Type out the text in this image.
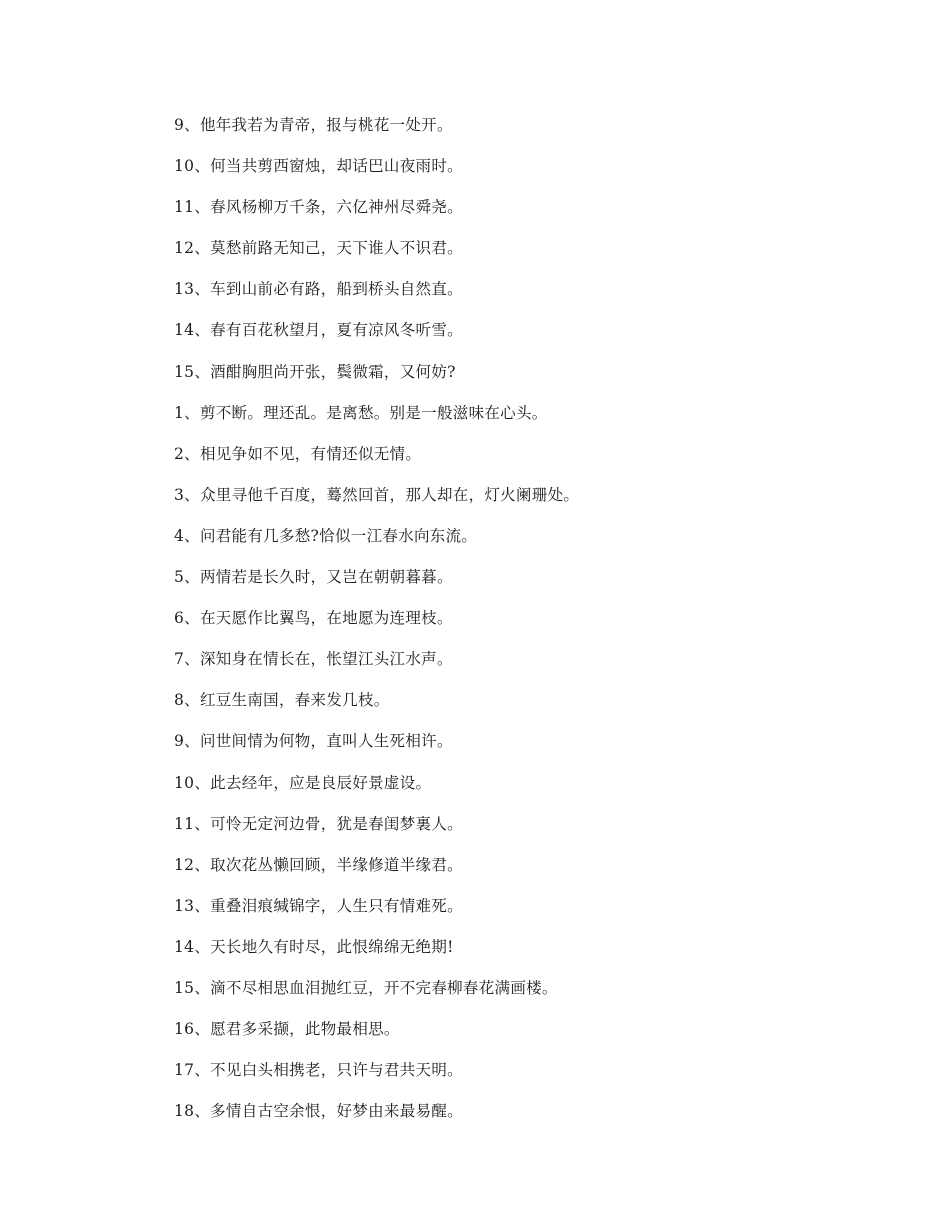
9、他年我若为青帝，报与桃花一处开。
10、何当共剪西窗烛，却话巴山夜雨时。
11、春风杨柳万千条，六亿神州尽舜尧。
12、莫愁前路无知己，天下谁人不识君。
13、车到山前必有路，船到桥头自然直。
14、春有百花秋望月，夏有凉风冬听雪。
15、酒酣胸胆尚开张，鬓微霜，又何妨?
1、剪不断。理还乱。是离愁。别是一般滋味在心头。
2、相见争如不见，有情还似无情。
3、众里寻他千百度，蓦然回首，那人却在，灯火阑珊处。
4、问君能有几多愁?恰似一江春水向东流。
5、两情若是长久时，又岂在朝朝暮暮。
6、在天愿作比翼鸟，在地愿为连理枝。
7、深知身在情长在，怅望江头江水声。
8、红豆生南国，春来发几枝。
9、问世间情为何物，直叫人生死相许。
10、此去经年，应是良辰好景虚设。
11、可怜无定河边骨，犹是春闺梦裏人。
12、取次花丛懒回顾，半缘修道半缘君。
13、重叠泪痕缄锦字，人生只有情难死。
14、天长地久有时尽，此恨绵绵无绝期!
15、滴不尽相思血泪抛红豆，开不完春柳春花满画楼。
16、愿君多采撷，此物最相思。
17、不见白头相携老，只许与君共天明。
18、多情自古空余恨，好梦由来最易醒。
